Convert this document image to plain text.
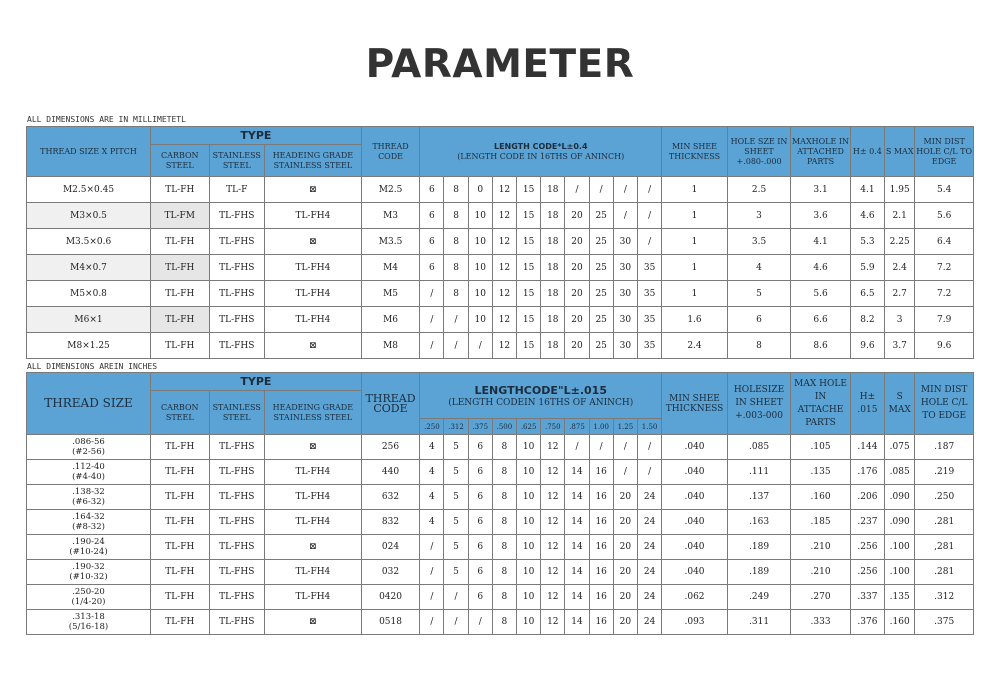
PARAMETER
ALL DIMENSIONS ARE IN MILLIMETETL
THREAD SIZE X PITCH	TYPE			THREAD CODE	LENGTH CODE*L±0.4
(LENGTH CODE IN 16THS OF ANINCH)										MIN SHEE THICKNESS	HOLE SZE IN SHEET +.080-.000	MAXHOLE IN ATTACHED PARTS	H± 0.4	S MAX	MIN DIST HOLE C/L TO EDGE
	CARBON STEEL	STAINLESS STEEL	HEADEING GRADE STAINLESS STEEL																	
M2.5×0.45	TL-FH	TL-F	⊠	M2.5	6	8	0	12	15	18	/	/	/	/	1	2.5	3.1	4.1	1.95	5.4
M3×0.5	TL-FM	TL-FHS	TL-FH4	M3	6	8	10	12	15	18	20	25	/	/	1	3	3.6	4.6	2.1	5.6
M3.5×0.6	TL-FH	TL-FHS	⊠	M3.5	6	8	10	12	15	18	20	25	30	/	1	3.5	4.1	5.3	2.25	6.4
M4×0.7	TL-FH	TL-FHS	TL-FH4	M4	6	8	10	12	15	18	20	25	30	35	1	4	4.6	5.9	2.4	7.2
M5×0.8	TL-FH	TL-FHS	TL-FH4	M5	/	8	10	12	15	18	20	25	30	35	1	5	5.6	6.5	2.7	7.2
M6×1	TL-FH	TL-FHS	TL-FH4	M6	/	/	10	12	15	18	20	25	30	35	1.6	6	6.6	8.2	3	7.9
M8×1.25	TL-FH	TL-FHS	⊠	M8	/	/	/	12	15	18	20	25	30	35	2.4	8	8.6	9.6	3.7	9.6
ALL DIMENSIONS AREIN INCHES
THREAD SIZE	TYPE			THREAD CODE	LENGTHCODE"L±.015
(LENGTH CODEIN 16THS OF ANINCH)										MIN SHEE THICKNESS	HOLESIZE IN SHEET +.003-000	MAX HOLE IN ATTACHE PARTS	H± .015	S MAX	MIN DIST HOLE C/L TO EDGE
	CARBON STEEL	STAINLESS STEEL	HEADEING GRADE STAINLESS STEEL																	
					.250	.312	.375	.500	.625	.750	.875	1.00	1.25	1.50						

.086-56
(#2-56)	TL-FH	TL-FHS	⊠	256	4	5	6	8	10	12	/	/	/	/	.040	.085	.105	.144	.075	.187

.112-40
(#4-40)	TL-FH	TL-FHS	TL-FH4	440	4	5	6	8	10	12	14	16	/	/	.040	.111	.135	.176	.085	.219

.138-32
(#6-32)	TL-FH	TL-FHS	TL-FH4	632	4	5	6	8	10	12	14	16	20	24	.040	.137	.160	.206	.090	.250

.164-32
(#8-32)	TL-FH	TL-FHS	TL-FH4	832	4	5	6	8	10	12	14	16	20	24	.040	.163	.185	.237	.090	.281

.190-24
(#10-24)	TL-FH	TL-FHS	⊠	024	/	5	6	8	10	12	14	16	20	24	.040	.189	.210	.256	.100	,281

.190-32
(#10-32)	TL-FH	TL-FHS	TL-FH4	032	/	5	6	8	10	12	14	16	20	24	.040	.189	.210	.256	.100	.281

.250-20
(1/4-20)	TL-FH	TL-FHS	TL-FH4	0420	/	/	6	8	10	12	14	16	20	24	.062	.249	.270	.337	.135	.312

.313-18
(5/16-18)	TL-FH	TL-FHS	⊠	0518	/	/	/	8	10	12	14	16	20	24	.093	.311	.333	.376	.160	.375
